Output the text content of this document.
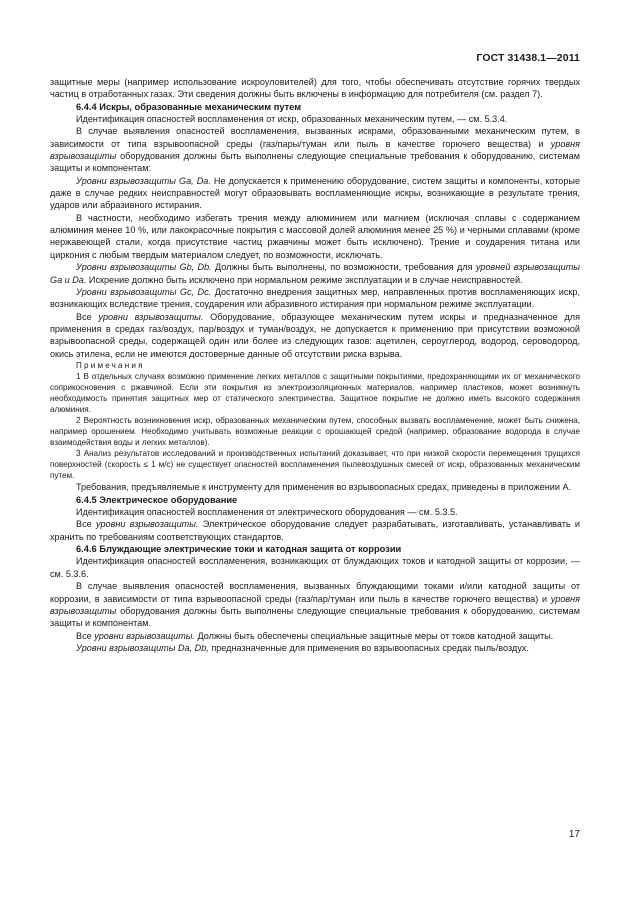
ГОСТ 31438.1—2011

защитные меры (например использование искроуловителей) для того, чтобы обеспечивать отсутствие горячих твердых частиц в отработанных газах. Эти сведения должны быть включены в информацию для потребителя (см. раздел 7).

6.4.4 Искры, образованные механическим путем

Идентификация опасностей воспламенения от искр, образованных механическим путем, — см. 5.3.4.

В случае выявления опасностей воспламенения, вызванных искрами, образованными механическим путем, в зависимости от типа взрывоопасной среды (газ/пары/туман или пыль в качестве горючего вещества) и уровня взрывозащиты оборудования должны быть выполнены следующие специальные требования к оборудованию, системам защиты и компонентам:

Уровни взрывозащиты Ga, Da. Не допускается к применению оборудование, систем защиты и компоненты, которые даже в случае редких неисправностей могут образовывать воспламеняющие искры, возникающие в результате трения, ударов или абразивного истирания.

В частности, необходимо избегать трения между алюминием или магнием (исключая сплавы с содержанием алюминия менее 10 %, или лакокрасочные покрытия с массовой долей алюминия менее 25 %) и черными сплавами (кроме нержавеющей стали, когда присутствие частиц ржавчины может быть исключено). Трение и соударения титана или циркония с любым твердым материалом следует, по возможности, исключать.

Уровни взрывозащиты Gb, Db. Должны быть выполнены, по возможности, требования для уровней взрывозащиты Ga и Da. Искрение должно быть исключено при нормальном режиме эксплуатации и в случае неисправностей.

Уровни взрывозащиты Gc, Dc. Достаточно внедрения защитных мер, направленных против воспламеняющих искр, возникающих вследствие трения, соударения или абразивного истирания при нормальном режиме эксплуатации.

Все уровни взрывозащиты. Оборудование, образующее механическим путем искры и предназначенное для применения в средах газ/воздух, пар/воздух и туман/воздух, не допускается к применению при присутствии возможной взрывоопасной среды, содержащей один или более из следующих газов: ацетилен, сероуглерод, водород, сероводород, окись этилена, если не имеются достоверные данные об отсутствии риска взрыва.

Примечания

1 В отдельных случаях возможно применение легких металлов с защитными покрытиями, предохраняющими их от механического соприкосновения с ржавчиной. Если эти покрытия из электроизоляционных материалов, например пластиков, может возникнуть необходимость принятия защитных мер от статического электричества. Защитное покрытие не должно иметь высокого содержания алюминия.

2 Вероятность возникновения искр, образованных механическим путем, способных вызвать воспламенение, может быть снижена, например орошением. Необходимо учитывать возможные реакции с орошающей средой (например, образование водорода в случае взаимодействия воды и легких металлов).

3 Анализ результатов исследований и производственных испытаний доказывает, что при низкой скорости перемещения трущихся поверхностей (скорость ≤ 1 м/с) не существует опасностей воспламенения пылевоздушных смесей от искр, образованных механическим путем.

Требования, предъявляемые к инструменту для применения во взрывоопасных средах, приведены в приложении А.

6.4.5 Электрическое оборудование

Идентификация опасностей воспламенения от электрического оборудования — см. 5.3.5.

Все уровни взрывозащиты. Электрическое оборудование следует разрабатывать, изготавливать, устанавливать и хранить по требованиям соответствующих стандартов.

6.4.6 Блуждающие электрические токи и катодная защита от коррозии

Идентификация опасностей воспламенения, возникающих от блуждающих токов и катодной защиты от коррозии, — см. 5.3.6.

В случае выявления опасностей воспламенения, вызванных блуждающими токами и/или катодной защиты от коррозии, в зависимости от типа взрывоопасной среды (газ/пар/туман или пыль в качестве горючего вещества) и уровня взрывозащиты оборудования должны быть выполнены следующие специальные требования к оборудованию, системам защиты и компонентам.

Все уровни взрывозащиты. Должны быть обеспечены специальные защитные меры от токов катодной защиты.

Уровни взрывозащиты Da, Db, предназначенные для применения во взрывоопасных средах пыль/воздух.

17
